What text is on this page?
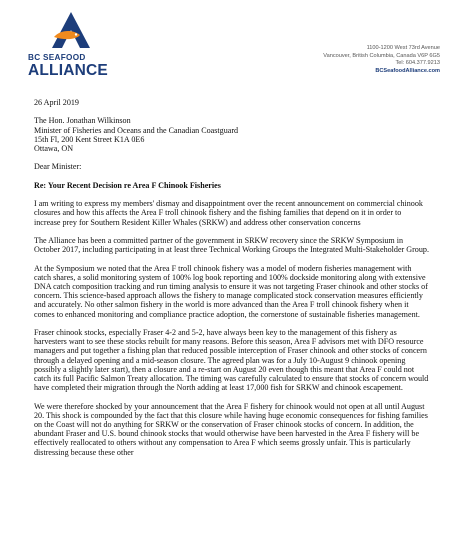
BC SEAFOOD
ALLIANCE
1100-1200 West 73rd Avenue
Vancouver, British Columbia, Canada V6P 6G5
Tel: 604.377.9213
BCSeafoodAlliance.com
26 April 2019
The Hon. Jonathan Wilkinson
Minister of Fisheries and Oceans and the Canadian Coastguard
15th Fl, 200 Kent Street K1A 0E6
Ottawa, ON

Dear Minister:

Re: Your Recent Decision re Area F Chinook Fisheries

I am writing to express my members' dismay and disappointment over the recent announcement on commercial chinook closures and how this affects the Area F troll chinook fishery and the fishing families that depend on it in order to increase prey for Southern Resident Killer Whales (SRKW) and address other conservation concerns

The Alliance has been a committed partner of the government in SRKW recovery since the SRKW Symposium in October 2017, including participating in at least three Technical Working Groups the Integrated Multi-Stakeholder Group.

At the Symposium we noted that the Area F troll chinook fishery was a model of modern fisheries management with catch shares, a solid monitoring system of 100% log book reporting and 100% dockside monitoring along with extensive DNA catch composition tracking and run timing analysis to ensure it was not targeting Fraser chinook and other stocks of concern. This science-based approach allows the fishery to manage complicated stock conservation measures efficiently and accurately. No other salmon fishery in the world is more advanced than the Area F troll chinook fishery when it comes to enhanced monitoring and compliance practice adoption, the cornerstone of sustainable fisheries management.

Fraser chinook stocks, especially Fraser 4-2 and 5-2, have always been key to the management of this fishery as harvesters want to see these stocks rebuilt for many reasons. Before this season, Area F advisors met with DFO resource managers and put together a fishing plan that reduced possible interception of Fraser chinook and other stocks of concern through a delayed opening and a mid-season closure. The agreed plan was for a July 10-August 9 chinook opening possibly a slightly later start), then a closure and a re-start on August 20 even though this meant that Area F could not catch its full Pacific Salmon Treaty allocation. The timing was carefully calculated to ensure that stocks of concern would have completed their migration through the North adding at least 17,000 fish for SRKW and chinook escapement.

We were therefore shocked by your announcement that the Area F fishery for chinook would not open at all until August 20. This shock is compounded by the fact that this closure while having huge economic consequences for fishing families on the Coast will not do anything for SRKW or the conservation of Fraser chinook stocks of concern. In addition, the abundant Fraser and U.S. bound chinook stocks that would otherwise have been harvested in the Area F fishery will be effectively reallocated to others without any compensation to Area F which seems grossly unfair. This is particularly distressing because these other
